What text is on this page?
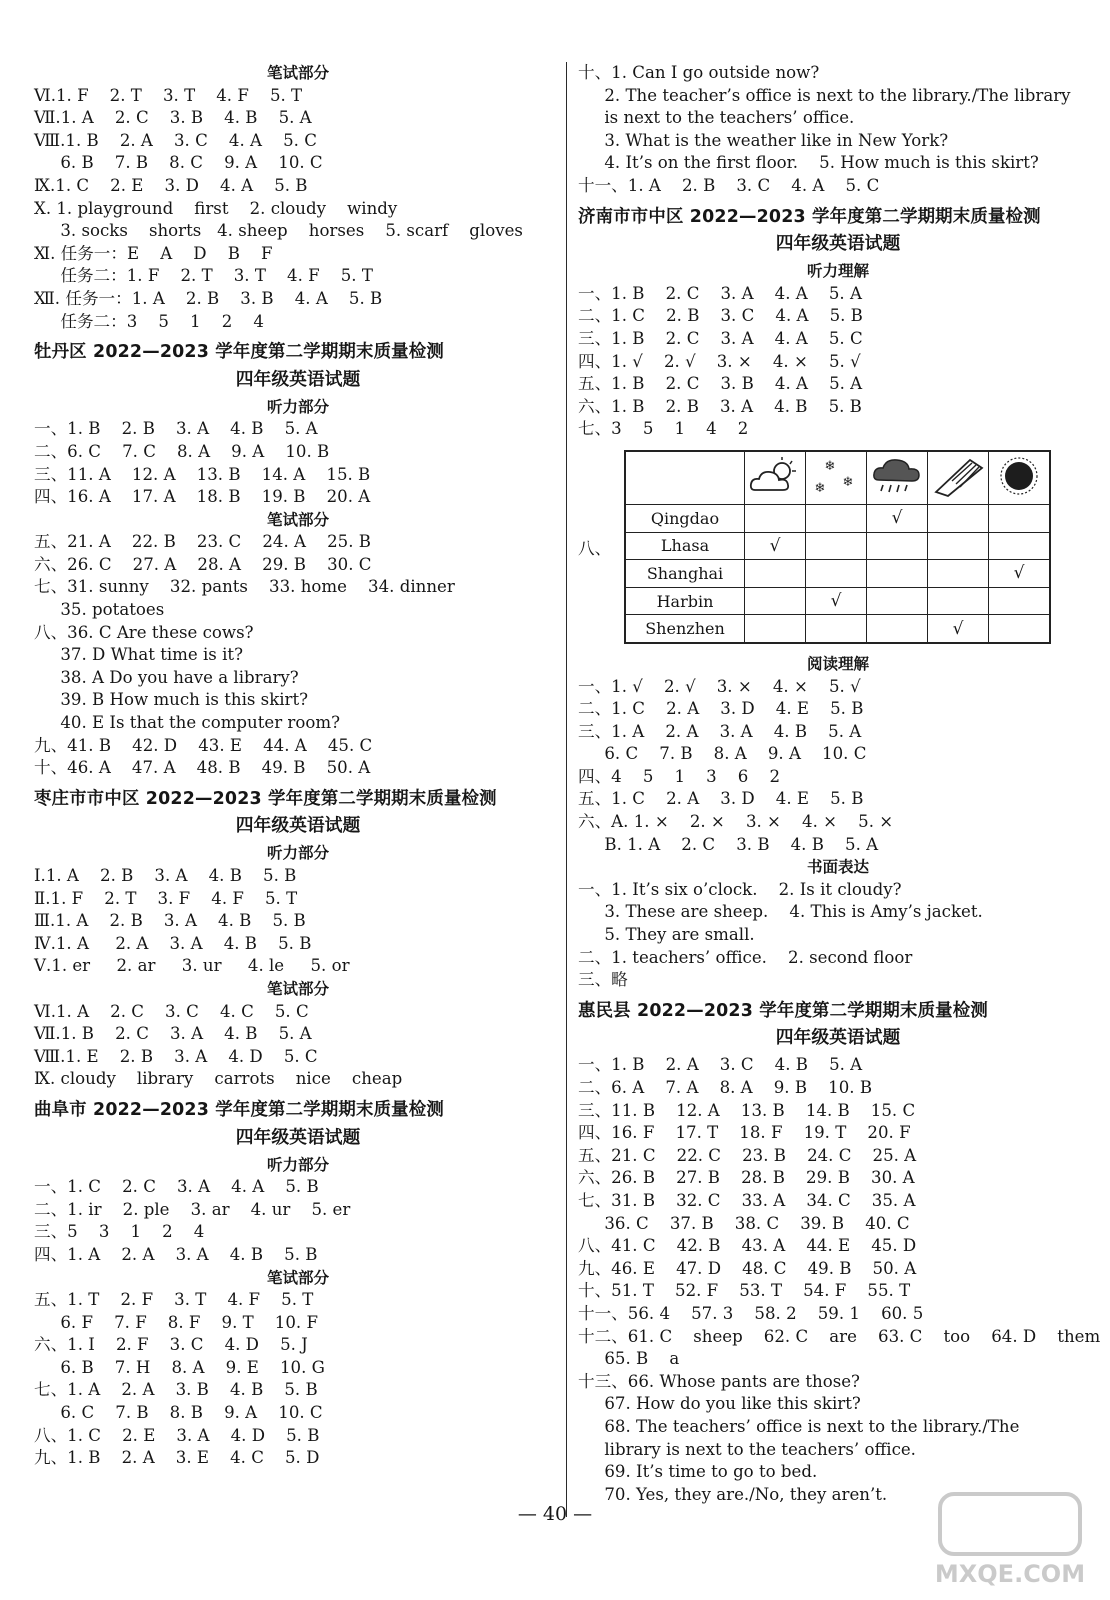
笔试部分
Ⅵ.1. F    2. T    3. T    4. F    5. T
Ⅶ.1. A    2. C    3. B    4. B    5. A
Ⅷ.1. B    2. A    3. C    4. A    5. C
6. B    7. B    8. C    9. A    10. C
Ⅸ.1. C    2. E    3. D    4. A    5. B
Ⅹ. 1. playground    first    2. cloudy    windy
3. socks    shorts   4. sheep    horses    5. scarf    gloves
Ⅺ. 任务一：E    A    D    B    F
任务二：1. F    2. T    3. T    4. F    5. T
Ⅻ. 任务一：1. A    2. B    3. B    4. A    5. B
任务二：3    5    1    2    4
牡丹区 2022—2023 学年度第二学期期末质量检测
四年级英语试题
听力部分
一、1. B    2. B    3. A    4. B    5. A
二、6. C    7. C    8. A    9. A    10. B
三、11. A    12. A    13. B    14. A    15. B
四、16. A    17. A    18. B    19. B    20. A
笔试部分
五、21. A    22. B    23. C    24. A    25. B
六、26. C    27. A    28. A    29. B    30. C
七、31. sunny    32. pants    33. home    34. dinner
35. potatoes
八、36. C Are these cows?
37. D What time is it?
38. A Do you have a library?
39. B How much is this skirt?
40. E Is that the computer room?
九、41. B    42. D    43. E    44. A    45. C
十、46. A    47. A    48. B    49. B    50. A
枣庄市市中区 2022—2023 学年度第二学期期末质量检测
四年级英语试题
听力部分
Ⅰ.1. A    2. B    3. A    4. B    5. B
Ⅱ.1. F    2. T    3. F    4. F    5. T
Ⅲ.1. A    2. B    3. A    4. B    5. B
Ⅳ.1. A     2. A    3. A    4. B    5. B
Ⅴ.1. er     2. ar     3. ur     4. le     5. or
笔试部分
Ⅵ.1. A    2. C    3. C    4. C    5. C
Ⅶ.1. B    2. C    3. A    4. B    5. A
Ⅷ.1. E    2. B    3. A    4. D    5. C
Ⅸ. cloudy    library    carrots    nice    cheap
曲阜市 2022—2023 学年度第二学期期末质量检测
四年级英语试题
听力部分
一、1. C    2. C    3. A    4. A    5. B
二、1. ir    2. ple    3. ar    4. ur    5. er
三、5    3    1    2    4
四、1. A    2. A    3. A    4. B    5. B
笔试部分
五、1. T    2. F    3. T    4. F    5. T
6. F    7. F    8. F    9. T    10. F
六、1. I    2. F    3. C    4. D    5. J
6. B    7. H    8. A    9. E    10. G
七、1. A    2. A    3. B    4. B    5. B
6. C    7. B    8. B    9. A    10. C
八、1. C    2. E    3. A    4. D    5. B
九、1. B    2. A    3. E    4. C    5. D
十、1. Can I go outside now?
2. The teacher’s office is next to the library./The library
is next to the teachers’ office.
3. What is the weather like in New York?
4. It’s on the first floor.    5. How much is this skirt?
十一、1. A    2. B    3. C    4. A    5. C
济南市市中区 2022—2023 学年度第二学期期末质量检测
四年级英语试题
听力理解
一、1. B    2. C    3. A    4. A    5. A
二、1. C    2. B    3. C    4. A    5. B
三、1. B    2. C    3. A    4. A    5. C
四、1. √    2. √    3. ×    4. ×    5. √
五、1. B    2. C    3. B    4. A    5. A
六、1. B    2. B    3. A    4. B    5. B
七、3    5    1    4    2
八、

❄
❄ ❄

Qingdao			√		
Lhasa	√				
Shanghai					√
Harbin		√			
Shenzhen				√	
阅读理解
一、1. √    2. √    3. ×    4. ×    5. √
二、1. C    2. A    3. D    4. E    5. B
三、1. A    2. A    3. A    4. B    5. A
6. C    7. B    8. A    9. A    10. C
四、4    5    1    3    6    2
五、1. C    2. A    3. D    4. E    5. B
六、A. 1. ×    2. ×    3. ×    4. ×    5. ×
B. 1. A    2. C    3. B    4. B    5. A
书面表达
一、1. It’s six o’clock.    2. Is it cloudy?
3. These are sheep.    4. This is Amy’s jacket.
5. They are small.
二、1. teachers’ office.    2. second floor
三、略
惠民县 2022—2023 学年度第二学期期末质量检测
四年级英语试题
一、1. B    2. A    3. C    4. B    5. A
二、6. A    7. A    8. A    9. B    10. B
三、11. B    12. A    13. B    14. B    15. C
四、16. F    17. T    18. F    19. T    20. F
五、21. C    22. C    23. B    24. C    25. A
六、26. B    27. B    28. B    29. B    30. A
七、31. B    32. C    33. A    34. C    35. A
36. C    37. B    38. C    39. B    40. C
八、41. C    42. B    43. A    44. E    45. D
九、46. E    47. D    48. C    49. B    50. A
十、51. T    52. F    53. T    54. F    55. T
十一、56. 4    57. 3    58. 2    59. 1    60. 5
十二、61. C    sheep    62. C    are    63. C    too    64. D    them
65. B    a
十三、66. Whose pants are those?
67. How do you like this skirt?
68. The teachers’ office is next to the library./The
library is next to the teachers’ office.
69. It’s time to go to bed.
70. Yes, they are./No, they aren’t.
— 40 —
MXQE.COM
